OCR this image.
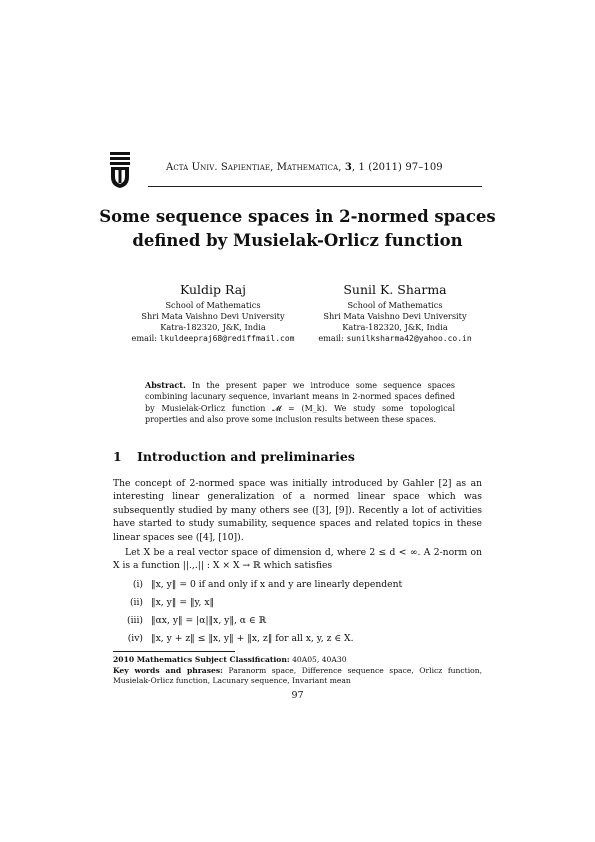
Acta Univ. Sapientiae, Mathematica, 3, 1 (2011) 97–109
Some sequence spaces in 2-normed spaces
defined by Musielak-Orlicz function
Kuldip Raj
School of Mathematics
Shri Mata Vaishno Devi University
Katra-182320, J&K, India
email: lkuldeepraj68@rediffmail.com
Sunil K. Sharma
School of Mathematics
Shri Mata Vaishno Devi University
Katra-182320, J&K, India
email: sunilksharma42@yahoo.co.in
Abstract. In the present paper we introduce some sequence spaces combining lacunary sequence, invariant means in 2-normed spaces defined by Musielak-Orlicz function 𝓜 = (M_k). We study some topological properties and also prove some inclusion results between these spaces.
1 Introduction and preliminaries
The concept of 2-normed space was initially introduced by Gahler [2] as an interesting linear generalization of a normed linear space which was subsequently studied by many others see ([3], [9]). Recently a lot of activities have started to study sumability, sequence spaces and related topics in these linear spaces see ([4], [10]).
Let X be a real vector space of dimension d, where 2 ≤ d < ∞. A 2-norm on X is a function ||.,.|| : X × X → ℝ which satisfies
(i) ‖x, y‖ = 0 if and only if x and y are linearly dependent
(ii) ‖x, y‖ = ‖y, x‖
(iii) ‖αx, y‖ = |α|‖x, y‖, α ∈ ℝ
(iv) ‖x, y + z‖ ≤ ‖x, y‖ + ‖x, z‖ for all x, y, z ∈ X.
2010 Mathematics Subject Classification: 40A05, 40A30
Key words and phrases: Paranorm space, Difference sequence space, Orlicz function, Musielak-Orlicz function, Lacunary sequence, Invariant mean
97
